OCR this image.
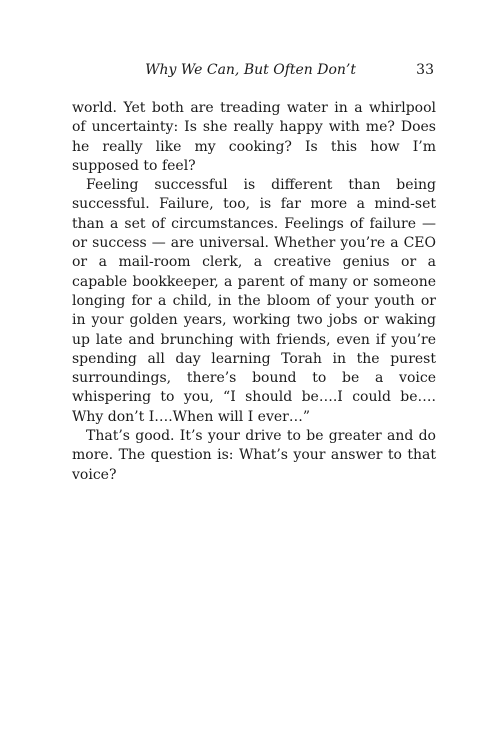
Why We Can, But Often Don’t	33

world. Yet both are treading water in a whirlpool of uncertainty: Is she really happy with me? Does he really like my cooking? Is this how I’m supposed to feel?

Feeling successful is different than being successful. Failure, too, is far more a mind-set than a set of circumstances. Feelings of failure — or success — are universal. Whether you’re a CEO or a mail-room clerk, a creative genius or a capable bookkeeper, a parent of many or someone longing for a child, in the bloom of your youth or in your golden years, working two jobs or waking up late and brunching with friends, even if you’re spending all day learning Torah in the purest surroundings, there’s bound to be a voice whispering to you, “I should be….I could be…. Why don’t I….When will I ever…”

That’s good. It’s your drive to be greater and do more. The question is: What’s your answer to that voice?
